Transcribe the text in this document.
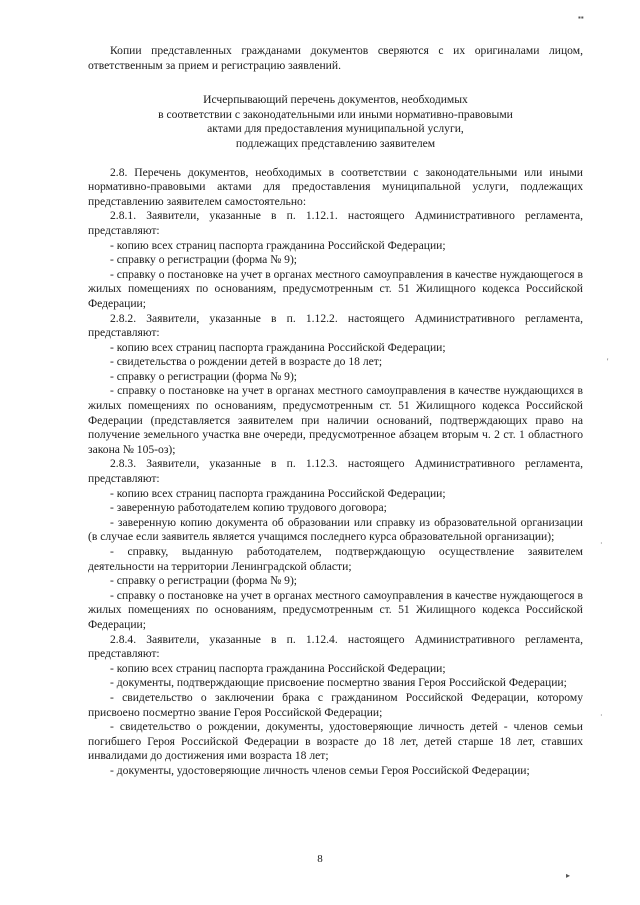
▪▪
'
·
·
▸

Копии представленных гражданами документов сверяются с их оригиналами лицом, ответственным за прием и регистрацию заявлений.

Исчерпывающий перечень документов, необходимых

в соответствии с законодательными или иными нормативно-правовыми

актами для предоставления муниципальной услуги,

подлежащих представлению заявителем

2.8. Перечень документов, необходимых в соответствии с законодательными или иными нормативно-правовыми актами для предоставления муниципальной услуги, подлежащих представлению заявителем самостоятельно:

2.8.1. Заявители, указанные в п. 1.12.1. настоящего Административного регламента, представляют:

- копию всех страниц паспорта гражданина Российской Федерации;

- справку о регистрации (форма № 9);

- справку о постановке на учет в органах местного самоуправления в качестве нуждающегося в жилых помещениях по основаниям, предусмотренным ст. 51 Жилищного кодекса Российской Федерации;

2.8.2. Заявители, указанные в п. 1.12.2. настоящего Административного регламента, представляют:

- копию всех страниц паспорта гражданина Российской Федерации;

- свидетельства о рождении детей в возрасте до 18 лет;

- справку о регистрации (форма № 9);

- справку о постановке на учет в органах местного самоуправления в качестве нуждающихся в жилых помещениях по основаниям, предусмотренным ст. 51 Жилищного кодекса Российской Федерации (представляется заявителем при наличии оснований, подтверждающих право на получение земельного участка вне очереди, предусмотренное абзацем вторым ч. 2 ст. 1 областного закона № 105-оз);

2.8.3. Заявители, указанные в п. 1.12.3. настоящего Административного регламента, представляют:

- копию всех страниц паспорта гражданина Российской Федерации;

- заверенную работодателем копию трудового договора;

- заверенную копию документа об образовании или справку из образовательной организации (в случае если заявитель является учащимся последнего курса образовательной организации);

- справку, выданную работодателем, подтверждающую осуществление заявителем деятельности на территории Ленинградской области;

- справку о регистрации (форма № 9);

- справку о постановке на учет в органах местного самоуправления в качестве нуждающегося в жилых помещениях по основаниям, предусмотренным ст. 51 Жилищного кодекса Российской Федерации;

2.8.4. Заявители, указанные в п. 1.12.4. настоящего Административного регламента, представляют:

- копию всех страниц паспорта гражданина Российской Федерации;

- документы, подтверждающие присвоение посмертно звания Героя Российской Федерации;

- свидетельство о заключении брака с гражданином Российской Федерации, которому присвоено посмертно звание Героя Российской Федерации;

- свидетельство о рождении, документы, удостоверяющие личность детей - членов семьи погибшего Героя Российской Федерации в возрасте до 18 лет, детей старше 18 лет, ставших инвалидами до достижения ими возраста 18 лет;

- документы, удостоверяющие личность членов семьи Героя Российской Федерации;

8
